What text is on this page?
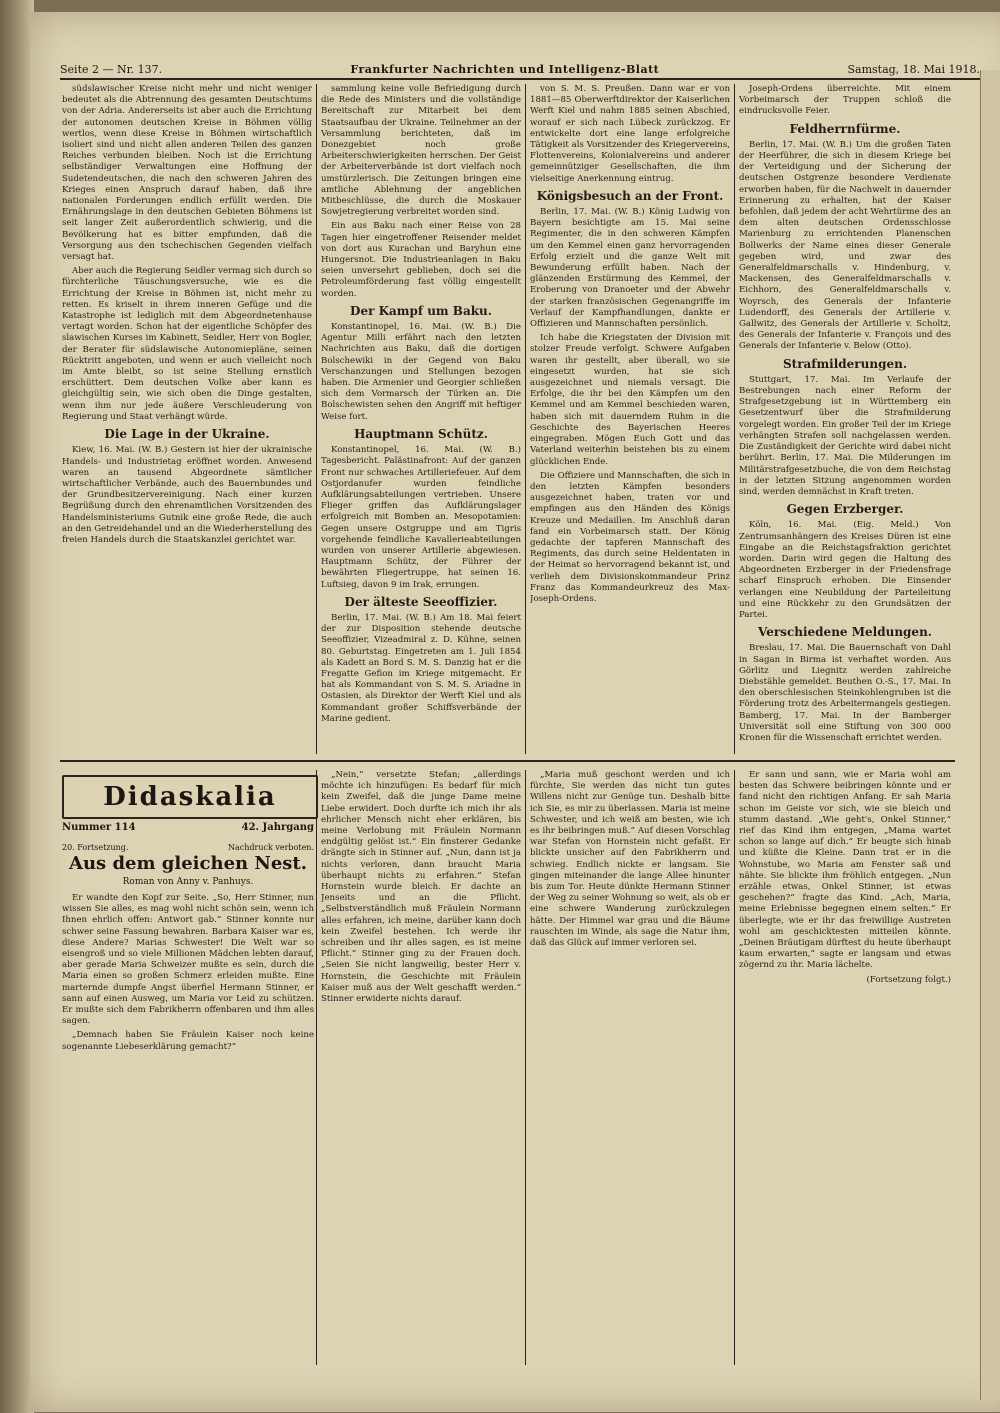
Seite 2 — Nr. 137.	Frankfurter Nachrichten und Intelligenz-Blatt	Samstag, 18. Mai 1918.

südslawischer Kreise nicht mehr und nicht weniger bedeutet als die Abtrennung des gesamten Deutschtums von der Adria. Andererseits ist aber auch die Errichtung der autonomen deutschen Kreise in Böhmen völlig wertlos, wenn diese Kreise in Böhmen wirtschaftlich isoliert sind und nicht allen anderen Teilen des ganzen Reiches verbunden bleiben. Noch ist die Errichtung selbständiger Verwaltungen eine Hoffnung der Sudetendeutschen, die nach den schweren Jahren des Krieges einen Anspruch darauf haben, daß ihre nationalen Forderungen endlich erfüllt werden. Die Ernährungslage in den deutschen Gebieten Böhmens ist seit langer Zeit außerordentlich schwierig, und die Bevölkerung hat es bitter empfunden, daß die Versorgung aus den tschechischen Gegenden vielfach versagt hat.

Aber auch die Regierung Seidler vermag sich durch so fürchterliche Täuschungsversuche, wie es die Errichtung der Kreise in Böhmen ist, nicht mehr zu retten. Es kriselt in ihrem inneren Gefüge und die Katastrophe ist lediglich mit dem Abgeordnetenhause vertagt worden. Schon hat der eigentliche Schöpfer des slawischen Kurses im Kabinett, Seidler, Herr von Bogler, der Berater für südslawische Autonomiepläne, seinen Rücktritt angeboten, und wenn er auch vielleicht noch im Amte bleibt, so ist seine Stellung ernstlich erschüttert. Dem deutschen Volke aber kann es gleichgültig sein, wie sich oben die Dinge gestalten, wenn ihm nur jede äußere Verschleuderung von Regierung und Staat verhängt würde.

Die Lage in der Ukraine.

Kiew, 16. Mai. (W. B.) Gestern ist hier der ukrainische Handels- und Industrietag eröffnet worden. Anwesend waren an tausend Abgeordnete sämtlicher wirtschaftlicher Verbände, auch des Bauernbundes und der Grundbesitzervereinigung. Nach einer kurzen Begrüßung durch den ehrenamtlichen Vorsitzenden des Handelsministeriums Gutnik eine große Rede, die auch an den Getreidehandel und an die Wiederherstellung des freien Handels durch die Staatskanzlei gerichtet war.

sammlung keine volle Befriedigung durch die Rede des Ministers und die vollständige Bereitschaft zur Mitarbeit bei dem Staatsaufbau der Ukraine. Teilnehmer an der Versammlung berichteten, daß im Donezgebiet noch große Arbeiterschwierigkeiten herrschen. Der Geist der Arbeiterverbände ist dort vielfach noch umstürzlerisch. Die Zeitungen bringen eine amtliche Ablehnung der angeblichen Mitbeschlüsse, die durch die Moskauer Sowjetregierung verbreitet worden sind.

Ein aus Baku nach einer Reise von 28 Tagen hier eingetroffener Reisender meldet von dort aus Kurachan und Baryhun eine Hungersnot. Die Industrieanlagen in Baku seien unversehrt geblieben, doch sei die Petroleumförderung fast völlig eingestellt worden.

Der Kampf um Baku.

Konstantinopel, 16. Mai. (W. B.) Die Agentur Milli erfährt nach den letzten Nachrichten aus Baku, daß die dortigen Bolschewiki in der Gegend von Baku Verschanzungen und Stellungen bezogen haben. Die Armenier und Georgier schließen sich dem Vormarsch der Türken an. Die Bolschewisten sehen den Angriff mit heftiger Weise fort.

Hauptmann Schütz.

Konstantinopel, 16. Mai. (W. B.) Tagesbericht. Palästinafront: Auf der ganzen Front nur schwaches Artilleriefeuer. Auf dem Ostjordanufer wurden feindliche Aufklärungsabteilungen vertrieben. Unsere Flieger griffen das Aufklärungslager erfolgreich mit Bomben an. Mesopotamien: Gegen unsere Ostgruppe und am Tigris vorgehende feindliche Kavallerieabteilungen wurden von unserer Artillerie abgewiesen. Hauptmann Schütz, der Führer der bewährten Fliegertruppe, hat seinen 16. Luftsieg, davon 9 im Irak, errungen.

Der älteste Seeoffizier.

Berlin, 17. Mai. (W. B.) Am 18. Mai feiert der zur Disposition stehende deutsche Seeoffizier, Vizeadmiral z. D. Kühne, seinen 80. Geburtstag. Eingetreten am 1. Juli 1854 als Kadett an Bord S. M. S. Danzig hat er die Fregatte Gefion im Kriege mitgemacht. Er hat als Kommandant von S. M. S. Ariadne in Ostasien, als Direktor der Werft Kiel und als Kommandant großer Schiffsverbände der Marine gedient.

von S. M. S. Preußen. Dann war er von 1881—85 Oberwerftdirektor der Kaiserlichen Werft Kiel und nahm 1885 seinen Abschied, worauf er sich nach Lübeck zurückzog. Er entwickelte dort eine lange erfolgreiche Tätigkeit als Vorsitzender des Kriegervereins, Flottenvereins, Kolonialvereins und anderer gemeinnütziger Gesellschaften, die ihm vielseitige Anerkennung eintrug.

Königsbesuch an der Front.

Berlin, 17. Mai. (W. B.) König Ludwig von Bayern besichtigte am 15. Mai seine Regimenter, die in den schweren Kämpfen um den Kemmel einen ganz hervorragenden Erfolg erzielt und die ganze Welt mit Bewunderung erfüllt haben. Nach der glänzenden Erstürmung des Kemmel, der Eroberung von Dranoeter und der Abwehr der starken französischen Gegenangriffe im Verlauf der Kampfhandlungen, dankte er Offizieren und Mannschaften persönlich.

Ich habe die Kriegstaten der Division mit stolzer Freude verfolgt. Schwere Aufgaben waren ihr gestellt, aber überall, wo sie eingesetzt wurden, hat sie sich ausgezeichnet und niemals versagt. Die Erfolge, die ihr bei den Kämpfen um den Kemmel und am Kemmel beschieden waren, haben sich mit dauerndem Ruhm in die Geschichte des Bayerischen Heeres eingegraben. Mögen Euch Gott und das Vaterland weiterhin beistehen bis zu einem glücklichen Ende.

Die Offiziere und Mannschaften, die sich in den letzten Kämpfen besonders ausgezeichnet haben, traten vor und empfingen aus den Händen des Königs Kreuze und Medaillen. Im Anschluß daran fand ein Vorbeimarsch statt. Der König gedachte der tapferen Mannschaft des Regiments, das durch seine Heldentaten in der Heimat so hervorragend bekannt ist, und verlieh dem Divisionskommandeur Prinz Franz das Kommandeurkreuz des Max-Joseph-Ordens.

Joseph-Ordens überreichte. Mit einem Vorbeimarsch der Truppen schloß die eindrucksvolle Feier.

Feldherrnfürme.

Berlin, 17. Mai. (W. B.) Um die großen Taten der Heerführer, die sich in diesem Kriege bei der Verteidigung und der Sicherung der deutschen Ostgrenze besondere Verdienste erworben haben, für die Nachwelt in dauernder Erinnerung zu erhalten, hat der Kaiser befohlen, daß jedem der acht Wehrtürme des an dem alten deutschen Ordensschlosse Marienburg zu errichtenden Planenschen Bollwerks der Name eines dieser Generale gegeben wird, und zwar des Generalfeldmarschalls v. Hindenburg, v. Mackensen, des Generalfeldmarschalls v. Eichhorn, des Generalfeldmarschalls v. Woyrsch, des Generals der Infanterie Ludendorff, des Generals der Artillerie v. Gallwitz, des Generals der Artillerie v. Scholtz, des Generals der Infanterie v. François und des Generals der Infanterie v. Below (Otto).

Strafmilderungen.

Stuttgart, 17. Mai. Im Verlaufe der Bestrebungen nach einer Reform der Strafgesetzgebung ist in Württemberg ein Gesetzentwurf über die Strafmilderung vorgelegt worden. Ein großer Teil der im Kriege verhängten Strafen soll nachgelassen werden. Die Zuständigkeit der Gerichte wird dabei nicht berührt. Berlin, 17. Mai. Die Milderungen im Militärstrafgesetzbuche, die von dem Reichstag in der letzten Sitzung angenommen worden sind, werden demnächst in Kraft treten.

Gegen Erzberger.

Köln, 16. Mai. (Eig. Meld.) Von Zentrumsanhängern des Kreises Düren ist eine Eingabe an die Reichstagsfraktion gerichtet worden. Darin wird gegen die Haltung des Abgeordneten Erzberger in der Friedensfrage scharf Einspruch erhoben. Die Einsender verlangen eine Neubildung der Parteileitung und eine Rückkehr zu den Grundsätzen der Partei.

Verschiedene Meldungen.

Breslau, 17. Mai. Die Bauernschaft von Dahl in Sagan in Birma ist verhaftet worden. Aus Görlitz und Liegnitz werden zahlreiche Diebstähle gemeldet. Beuthen O.-S., 17. Mai. In den oberschlesischen Steinkohlengruben ist die Förderung trotz des Arbeitermangels gestiegen. Bamberg, 17. Mai. In der Bamberger Universität soll eine Stiftung von 300 000 Kronen für die Wissenschaft errichtet werden.

Didaskalia
Nummer 114	42. Jahrgang
20. Fortsetzung.	Nachdruck verboten.
Aus dem gleichen Nest.
Roman von Anny v. Panhuys.

Er wandte den Kopf zur Seite. „So, Herr Stinner, nun wissen Sie alles, es mag wohl nicht schön sein, wenn ich Ihnen ehrlich offen: Antwort gab.“ Stinner konnte nur schwer seine Fassung bewahren. Barbara Kaiser war es, diese Andere? Marias Schwester! Die Welt war so eisengroß und so viele Millionen Mädchen lebten darauf, aber gerade Maria Schweizer mußte es sein, durch die Maria einen so großen Schmerz erleiden mußte. Eine marternde dumpfe Angst überfiel Hermann Stinner, er sann auf einen Ausweg, um Maria vor Leid zu schützen. Er mußte sich dem Fabrikherrn offenbaren und ihm alles sagen.

„Demnach haben Sie Fräulein Kaiser noch keine sogenannte Liebeserklärung gemacht?“

„Nein,“ versetzte Stefan; „allerdings möchte ich hinzufügen: Es bedarf für mich kein Zweifel, daß die junge Dame meine Liebe erwidert. Doch durfte ich mich ihr als ehrlicher Mensch nicht eher erklären, bis meine Verlobung mit Fräulein Normann endgültig gelöst ist.“ Ein finsterer Gedanke drängte sich in Stinner auf. „Nun, dann ist ja nichts verloren, dann braucht Maria überhaupt nichts zu erfahren.“ Stefan Hornstein wurde bleich. Er dachte an Jenseits und an die Pflicht. „Selbstverständlich muß Fräulein Normann alles erfahren, ich meine, darüber kann doch kein Zweifel bestehen. Ich werde ihr schreiben und ihr alles sagen, es ist meine Pflicht.“ Stinner ging zu der Frauen doch. „Seien Sie nicht langweilig, bester Herr v. Hornstein, die Geschichte mit Fräulein Kaiser muß aus der Welt geschafft werden.“ Stinner erwiderte nichts darauf.

„Maria muß geschont werden und ich fürchte, Sie werden das nicht tun gutes Willens nicht zur Genüge tun. Deshalb bitte ich Sie, es mir zu überlassen. Maria ist meine Schwester, und ich weiß am besten, wie ich es ihr beibringen muß.“ Auf diesen Vorschlag war Stefan von Hornstein nicht gefaßt. Er blickte unsicher auf den Fabrikherrn und schwieg. Endlich nickte er langsam. Sie gingen miteinander die lange Allee hinunter bis zum Tor. Heute dünkte Hermann Stinner der Weg zu seiner Wohnung so weit, als ob er eine schwere Wanderung zurückzulegen hätte. Der Himmel war grau und die Bäume rauschten im Winde, als sage die Natur ihm, daß das Glück auf immer verloren sei.

Er sann und sann, wie er Maria wohl am besten das Schwere beibringen könnte und er fand nicht den richtigen Anfang. Er sah Maria schon im Geiste vor sich, wie sie bleich und stumm dastand. „Wie geht's, Onkel Stinner,“ rief das Kind ihm entgegen, „Mama wartet schon so lange auf dich.“ Er beugte sich hinab und küßte die Kleine. Dann trat er in die Wohnstube, wo Maria am Fenster saß und nähte. Sie blickte ihm fröhlich entgegen. „Nun erzähle etwas, Onkel Stinner, ist etwas geschehen?“ fragte das Kind. „Ach, Maria, meine Erlebnisse begegnen einem selten.“ Er überlegte, wie er ihr das freiwillige Austreten wohl am geschicktesten mitteilen könnte. „Deinen Bräutigam dürftest du heute überhaupt kaum erwarten,“ sagte er langsam und etwas zögernd zu ihr. Maria lächelte.

(Fortsetzung folgt.)
